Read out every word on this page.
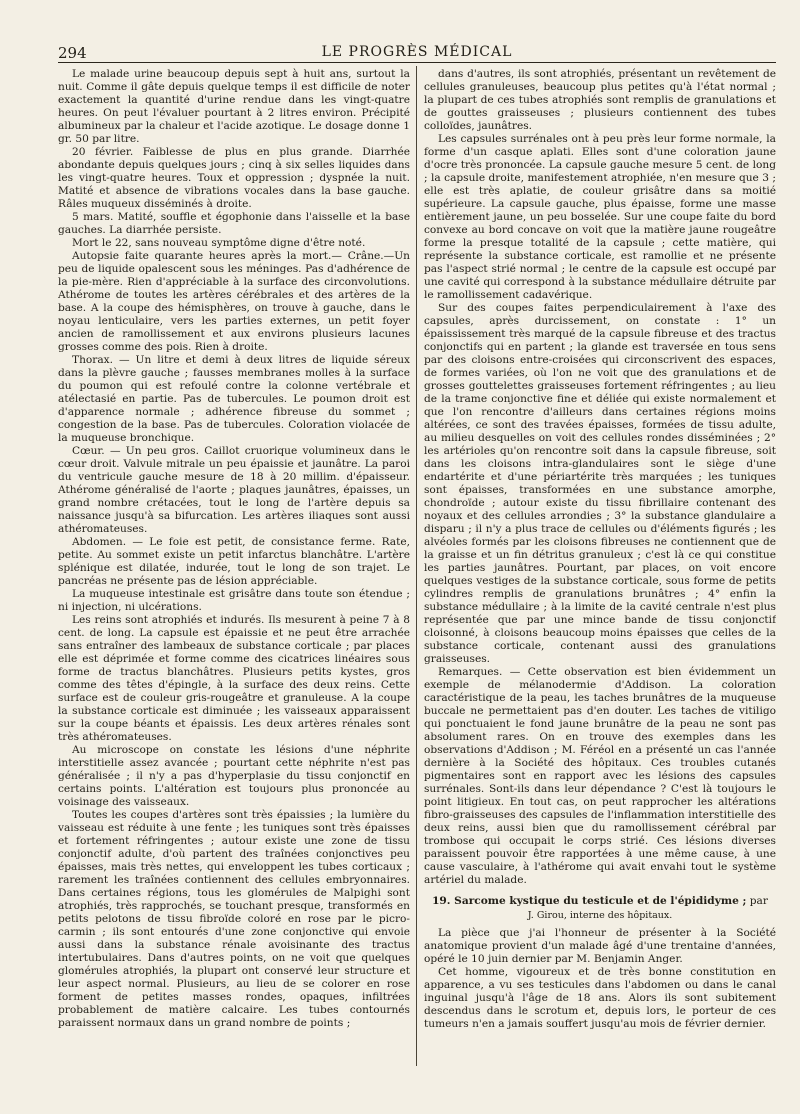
294	LE PROGRÈS MÉDICAL

Le malade urine beaucoup depuis sept à huit ans, surtout la nuit. Comme il gâte depuis quelque temps il est difficile de noter exactement la quantité d'urine rendue dans les vingt-quatre heures. On peut l'évaluer pourtant à 2 litres environ. Précipité albumineux par la chaleur et l'acide azotique. Le dosage donne 1 gr. 50 par litre.

20 février. Faiblesse de plus en plus grande. Diarrhée abondante depuis quelques jours ; cinq à six selles liquides dans les vingt-quatre heures. Toux et oppression ; dyspnée la nuit. Matité et absence de vibrations vocales dans la base gauche. Râles muqueux disséminés à droite.

5 mars. Matité, souffle et égophonie dans l'aisselle et la base gauches. La diarrhée persiste.

Mort le 22, sans nouveau symptôme digne d'être noté.

Autopsie faite quarante heures après la mort.— Crâne.—Un peu de liquide opalescent sous les méninges. Pas d'adhérence de la pie-mère. Rien d'appréciable à la surface des circonvolutions. Athérome de toutes les artères cérébrales et des artères de la base. A la coupe des hémisphères, on trouve à gauche, dans le noyau lenticulaire, vers les parties externes, un petit foyer ancien de ramollissement et aux environs plusieurs lacunes grosses comme des pois. Rien à droite.

Thorax. — Un litre et demi à deux litres de liquide séreux dans la plèvre gauche ; fausses membranes molles à la surface du poumon qui est refoulé contre la colonne vertébrale et atélectasié en partie. Pas de tubercules. Le poumon droit est d'apparence normale ; adhérence fibreuse du sommet ; congestion de la base. Pas de tubercules. Coloration violacée de la muqueuse bronchique.

Cœur. — Un peu gros. Caillot cruorique volumineux dans le cœur droit. Valvule mitrale un peu épaissie et jaunâtre. La paroi du ventricule gauche mesure de 18 à 20 millim. d'épaisseur. Athérome généralisé de l'aorte ; plaques jaunâtres, épaisses, un grand nombre crétacées, tout le long de l'artère depuis sa naissance jusqu'à sa bifurcation. Les artères iliaques sont aussi athéromateuses.

Abdomen. — Le foie est petit, de consistance ferme. Rate, petite. Au sommet existe un petit infarctus blanchâtre. L'artère splénique est dilatée, indurée, tout le long de son trajet. Le pancréas ne présente pas de lésion appréciable.

La muqueuse intestinale est grisâtre dans toute son étendue ; ni injection, ni ulcérations.

Les reins sont atrophiés et indurés. Ils mesurent à peine 7 à 8 cent. de long. La capsule est épaissie et ne peut être arrachée sans entraîner des lambeaux de substance corticale ; par places elle est déprimée et forme comme des cicatrices linéaires sous forme de tractus blanchâtres. Plusieurs petits kystes, gros comme des têtes d'épingle, à la surface des deux reins. Cette surface est de couleur gris-rougeâtre et granuleuse. A la coupe la substance corticale est diminuée ; les vaisseaux apparaissent sur la coupe béants et épaissis. Les deux artères rénales sont très athéromateuses.

Au microscope on constate les lésions d'une néphrite interstitielle assez avancée ; pourtant cette néphrite n'est pas généralisée ; il n'y a pas d'hyperplasie du tissu conjonctif en certains points. L'altération est toujours plus prononcée au voisinage des vaisseaux.

Toutes les coupes d'artères sont très épaissies ; la lumière du vaisseau est réduite à une fente ; les tuniques sont très épaisses et fortement réfringentes ; autour existe une zone de tissu conjonctif adulte, d'où partent des traînées conjonctives peu épaisses, mais très nettes, qui enveloppent les tubes corticaux ; rarement les traînées contiennent des cellules embryonnaires. Dans certaines régions, tous les glomérules de Malpighi sont atrophiés, très rapprochés, se touchant presque, transformés en petits pelotons de tissu fibroïde coloré en rose par le picro-carmin ; ils sont entourés d'une zone conjonctive qui envoie aussi dans la substance rénale avoisinante des tractus intertubulaires. Dans d'autres points, on ne voit que quelques glomérules atrophiés, la plupart ont conservé leur structure et leur aspect normal. Plusieurs, au lieu de se colorer en rose forment de petites masses rondes, opaques, infiltrées probablement de matière calcaire. Les tubes contournés paraissent normaux dans un grand nombre de points ;

dans d'autres, ils sont atrophiés, présentant un revêtement de cellules granuleuses, beaucoup plus petites qu'à l'état normal ; la plupart de ces tubes atrophiés sont remplis de granulations et de gouttes graisseuses ; plusieurs contiennent des tubes colloïdes, jaunâtres.

Les capsules surrénales ont à peu près leur forme normale, la forme d'un casque aplati. Elles sont d'une coloration jaune d'ocre très prononcée. La capsule gauche mesure 5 cent. de long ; la capsule droite, manifestement atrophiée, n'en mesure que 3 ; elle est très aplatie, de couleur grisâtre dans sa moitié supérieure. La capsule gauche, plus épaisse, forme une masse entièrement jaune, un peu bosselée. Sur une coupe faite du bord convexe au bord concave on voit que la matière jaune rougeâtre forme la presque totalité de la capsule ; cette matière, qui représente la substance corticale, est ramollie et ne présente pas l'aspect strié normal ; le centre de la capsule est occupé par une cavité qui correspond à la substance médullaire détruite par le ramollissement cadavérique.

Sur des coupes faites perpendiculairement à l'axe des capsules, après durcissement, on constate : 1° un épaississement très marqué de la capsule fibreuse et des tractus conjonctifs qui en partent ; la glande est traversée en tous sens par des cloisons entre-croisées qui circonscrivent des espaces, de formes variées, où l'on ne voit que des granulations et de grosses gouttelettes graisseuses fortement réfringentes ; au lieu de la trame conjonctive fine et déliée qui existe normalement et que l'on rencontre d'ailleurs dans certaines régions moins altérées, ce sont des travées épaisses, formées de tissu adulte, au milieu desquelles on voit des cellules rondes disséminées ; 2° les artérioles qu'on rencontre soit dans la capsule fibreuse, soit dans les cloisons intra-glandulaires sont le siège d'une endartérite et d'une périartérite très marquées ; les tuniques sont épaisses, transformées en une substance amorphe, chondroïde ; autour existe du tissu fibrillaire contenant des noyaux et des cellules arrondies ; 3° la substance glandulaire a disparu ; il n'y a plus trace de cellules ou d'éléments figurés ; les alvéoles formés par les cloisons fibreuses ne contiennent que de la graisse et un fin détritus granuleux ; c'est là ce qui constitue les parties jaunâtres. Pourtant, par places, on voit encore quelques vestiges de la substance corticale, sous forme de petits cylindres remplis de granulations brunâtres ; 4° enfin la substance médullaire ; à la limite de la cavité centrale n'est plus représentée que par une mince bande de tissu conjonctif cloisonné, à cloisons beaucoup moins épaisses que celles de la substance corticale, contenant aussi des granulations graisseuses.

Remarques. — Cette observation est bien évidemment un exemple de mélanodermie d'Addison. La coloration caractéristique de la peau, les taches brunâtres de la muqueuse buccale ne permettaient pas d'en douter. Les taches de vitiligo qui ponctuaient le fond jaune brunâtre de la peau ne sont pas absolument rares. On en trouve des exemples dans les observations d'Addison ; M. Féréol en a présenté un cas l'année dernière à la Société des hôpitaux. Ces troubles cutanés pigmentaires sont en rapport avec les lésions des capsules surrénales. Sont-ils dans leur dépendance ? C'est là toujours le point litigieux. En tout cas, on peut rapprocher les altérations fibro-graisseuses des capsules de l'inflammation interstitielle des deux reins, aussi bien que du ramollissement cérébral par trombose qui occupait le corps strié. Ces lésions diverses paraissent pouvoir être rapportées à une même cause, à une cause vasculaire, à l'athérome qui avait envahi tout le système artériel du malade.

19. Sarcome kystique du testicule et de l'épididyme ; par
J. Girou, interne des hôpitaux.

La pièce que j'ai l'honneur de présenter à la Société anatomique provient d'un malade âgé d'une trentaine d'années, opéré le 10 juin dernier par M. Benjamin Anger.

Cet homme, vigoureux et de très bonne constitution en apparence, a vu ses testicules dans l'abdomen ou dans le canal inguinal jusqu'à l'âge de 18 ans. Alors ils sont subitement descendus dans le scrotum et, depuis lors, le porteur de ces tumeurs n'en a jamais souffert jusqu'au mois de février dernier.
